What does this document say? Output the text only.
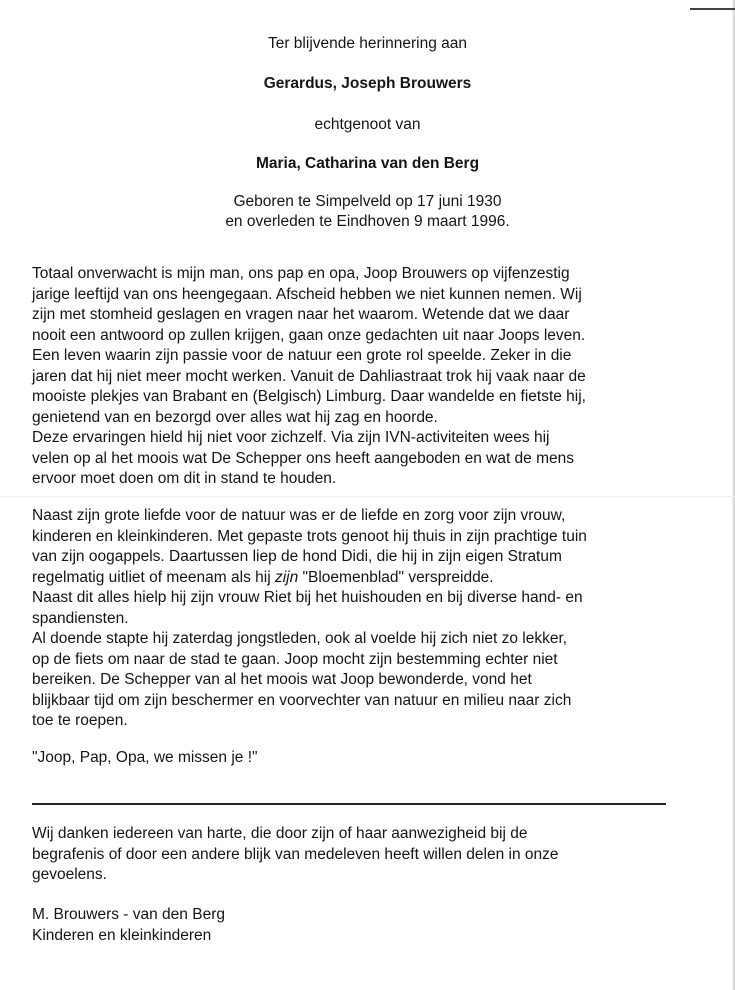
Ter blijvende herinnering aan
Gerardus, Joseph Brouwers
echtgenoot van
Maria, Catharina van den Berg
Geboren te Simpelveld op 17 juni 1930
en overleden te Eindhoven 9 maart 1996.
Totaal onverwacht is mijn man, ons pap en opa, Joop Brouwers op vijfenzestig
jarige leeftijd van ons heengegaan. Afscheid hebben we niet kunnen nemen. Wij
zijn met stomheid geslagen en vragen naar het waarom. Wetende dat we daar
nooit een antwoord op zullen krijgen, gaan onze gedachten uit naar Joops leven.
Een leven waarin zijn passie voor de natuur een grote rol speelde. Zeker in die
jaren dat hij niet meer mocht werken. Vanuit de Dahliastraat trok hij vaak naar de
mooiste plekjes van Brabant en (Belgisch) Limburg. Daar wandelde en fietste hij,
genietend van en bezorgd over alles wat hij zag en hoorde.
Deze ervaringen hield hij niet voor zichzelf. Via zijn IVN-activiteiten wees hij
velen op al het moois wat De Schepper ons heeft aangeboden en wat de mens
ervoor moet doen om dit in stand te houden.
Naast zijn grote liefde voor de natuur was er de liefde en zorg voor zijn vrouw,
kinderen en kleinkinderen. Met gepaste trots genoot hij thuis in zijn prachtige tuin
van zijn oogappels. Daartussen liep de hond Didi, die hij in zijn eigen Stratum
regelmatig uitliet of meenam als hij zijn "Bloemenblad" verspreidde.
Naast dit alles hielp hij zijn vrouw Riet bij het huishouden en bij diverse hand- en
spandiensten.
Al doende stapte hij zaterdag jongstleden, ook al voelde hij zich niet zo lekker,
op de fiets om naar de stad te gaan. Joop mocht zijn bestemming echter niet
bereiken. De Schepper van al het moois wat Joop bewonderde, vond het
blijkbaar tijd om zijn beschermer en voorvechter van natuur en milieu naar zich
toe te roepen.
"Joop, Pap, Opa, we missen je !"
Wij danken iedereen van harte, die door zijn of haar aanwezigheid bij de
begrafenis of door een andere blijk van medeleven heeft willen delen in onze
gevoelens.
M. Brouwers - van den Berg
Kinderen en kleinkinderen
